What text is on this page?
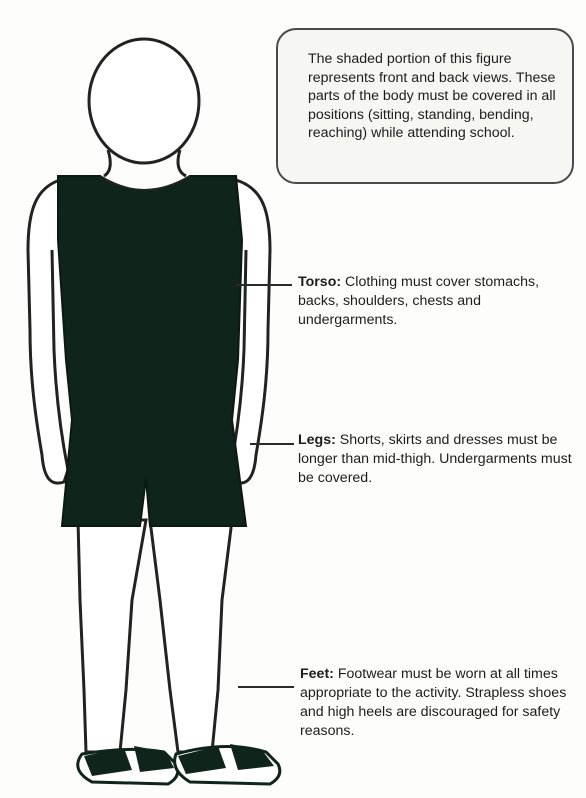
The shaded portion of this figure represents front and back views. These parts of the body must be covered in all positions (sitting, standing, bending, reaching) while attending school.
Torso: Clothing must cover stomachs, backs, shoulders, chests and undergarments.
Legs: Shorts, skirts and dresses must be longer than mid-thigh. Undergarments must be covered.
Feet: Footwear must be worn at all times appropriate to the activity. Strapless shoes and high heels are discouraged for safety reasons.
